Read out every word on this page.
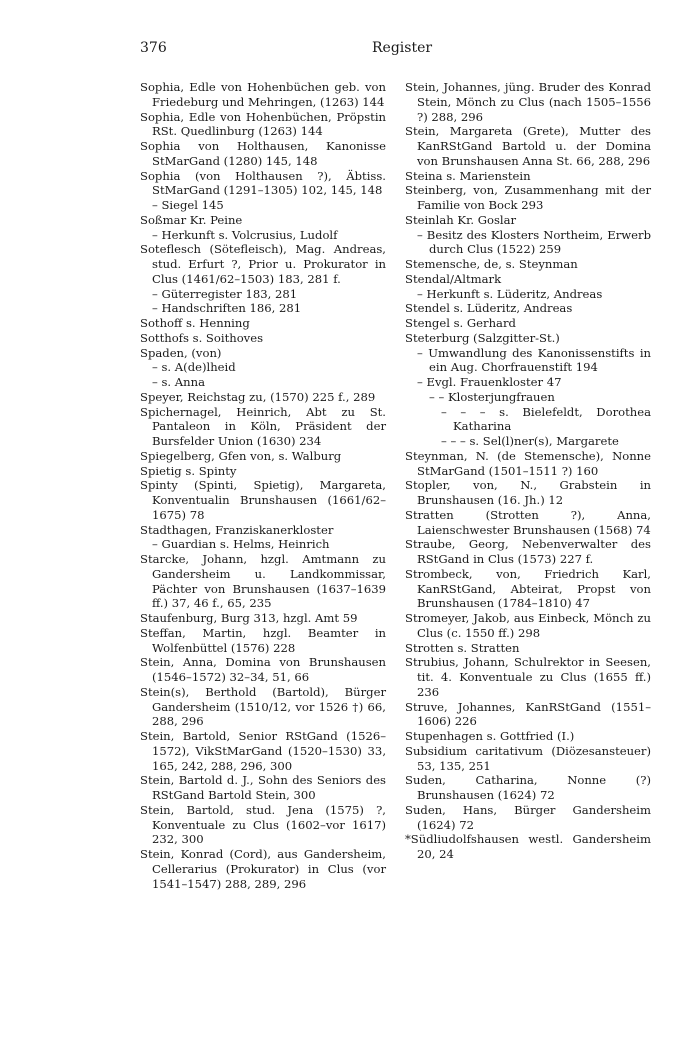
376	Register

Sophia, Edle von Hohenbüchen geb. von Friedeburg und Mehringen, (1263) 144

Sophia, Edle von Hohenbüchen, Pröpstin RSt. Quedlinburg (1263) 144

Sophia von Holthausen, Kanonisse StMarGand (1280) 145, 148

Sophia (von Holthausen ?), Äbtiss. StMarGand (1291–1305) 102, 145, 148

– Siegel 145

Soßmar Kr. Peine

– Herkunft s. Volcrusius, Ludolf

Soteflesch (Sötefleisch), Mag. Andreas, stud. Erfurt ?, Prior u. Prokurator in Clus (1461/62–1503) 183, 281 f.

– Güterregister 183, 281

– Handschriften 186, 281

Sothoff s. Henning

Sotthofs s. Soithoves

Spaden, (von)

– s. A(de)lheid

– s. Anna

Speyer, Reichstag zu, (1570) 225 f., 289

Spichernagel, Heinrich, Abt zu St. Pantaleon in Köln, Präsident der Bursfelder Union (1630) 234

Spiegelberg, Gfen von, s. Walburg

Spietig s. Spinty

Spinty (Spinti, Spietig), Margareta, Konventualin Brunshausen (1661/62–1675) 78

Stadthagen, Franziskanerkloster

– Guardian s. Helms, Heinrich

Starcke, Johann, hzgl. Amtmann zu Gandersheim u. Landkommissar, Pächter von Brunshausen (1637–1639 ff.) 37, 46 f., 65, 235

Staufenburg, Burg 313, hzgl. Amt 59

Steffan, Martin, hzgl. Beamter in Wolfenbüttel (1576) 228

Stein, Anna, Domina von Brunshausen (1546–1572) 32–34, 51, 66

Stein(s), Berthold (Bartold), Bürger Gandersheim (1510/12, vor 1526 †) 66, 288, 296

Stein, Bartold, Senior RStGand (1526–1572), VikStMarGand (1520–1530) 33, 165, 242, 288, 296, 300

Stein, Bartold d. J., Sohn des Seniors des RStGand Bartold Stein, 300

Stein, Bartold, stud. Jena (1575) ?, Konventuale zu Clus (1602–vor 1617) 232, 300

Stein, Konrad (Cord), aus Gandersheim, Cellerarius (Prokurator) in Clus (vor 1541–1547) 288, 289, 296

Stein, Johannes, jüng. Bruder des Konrad Stein, Mönch zu Clus (nach 1505–1556 ?) 288, 296

Stein, Margareta (Grete), Mutter des KanRStGand Bartold u. der Domina von Brunshausen Anna St. 66, 288, 296

Steina s. Marienstein

Steinberg, von, Zusammenhang mit der Familie von Bock 293

Steinlah Kr. Goslar

– Besitz des Klosters Northeim, Erwerb durch Clus (1522) 259

Stemensche, de, s. Steynman

Stendal/Altmark

– Herkunft s. Lüderitz, Andreas

Stendel s. Lüderitz, Andreas

Stengel s. Gerhard

Steterburg (Salzgitter-St.)

– Umwandlung des Kanonissenstifts in ein Aug. Chorfrauenstift 194

– Evgl. Frauenkloster 47

– – Klosterjungfrauen

– – – s. Bielefeldt, Dorothea Katharina

– – – s. Sel(l)ner(s), Margarete

Steynman, N. (de Stemensche), Nonne StMarGand (1501–1511 ?) 160

Stopler, von, N., Grabstein in Brunshausen (16. Jh.) 12

Stratten (Strotten ?), Anna, Laienschwester Brunshausen (1568) 74

Straube, Georg, Nebenverwalter des RStGand in Clus (1573) 227 f.

Strombeck, von, Friedrich Karl, KanRStGand, Abteirat, Propst von Brunshausen (1784–1810) 47

Stromeyer, Jakob, aus Einbeck, Mönch zu Clus (c. 1550 ff.) 298

Strotten s. Stratten

Strubius, Johann, Schulrektor in Seesen, tit. 4. Konventuale zu Clus (1655 ff.) 236

Struve, Johannes, KanRStGand (1551–1606) 226

Stupenhagen s. Gottfried (I.)

Subsidium caritativum (Diözesansteuer) 53, 135, 251

Suden, Catharina, Nonne (?) Brunshausen (1624) 72

Suden, Hans, Bürger Gandersheim (1624) 72

*Südliudolfshausen westl. Gandersheim 20, 24
